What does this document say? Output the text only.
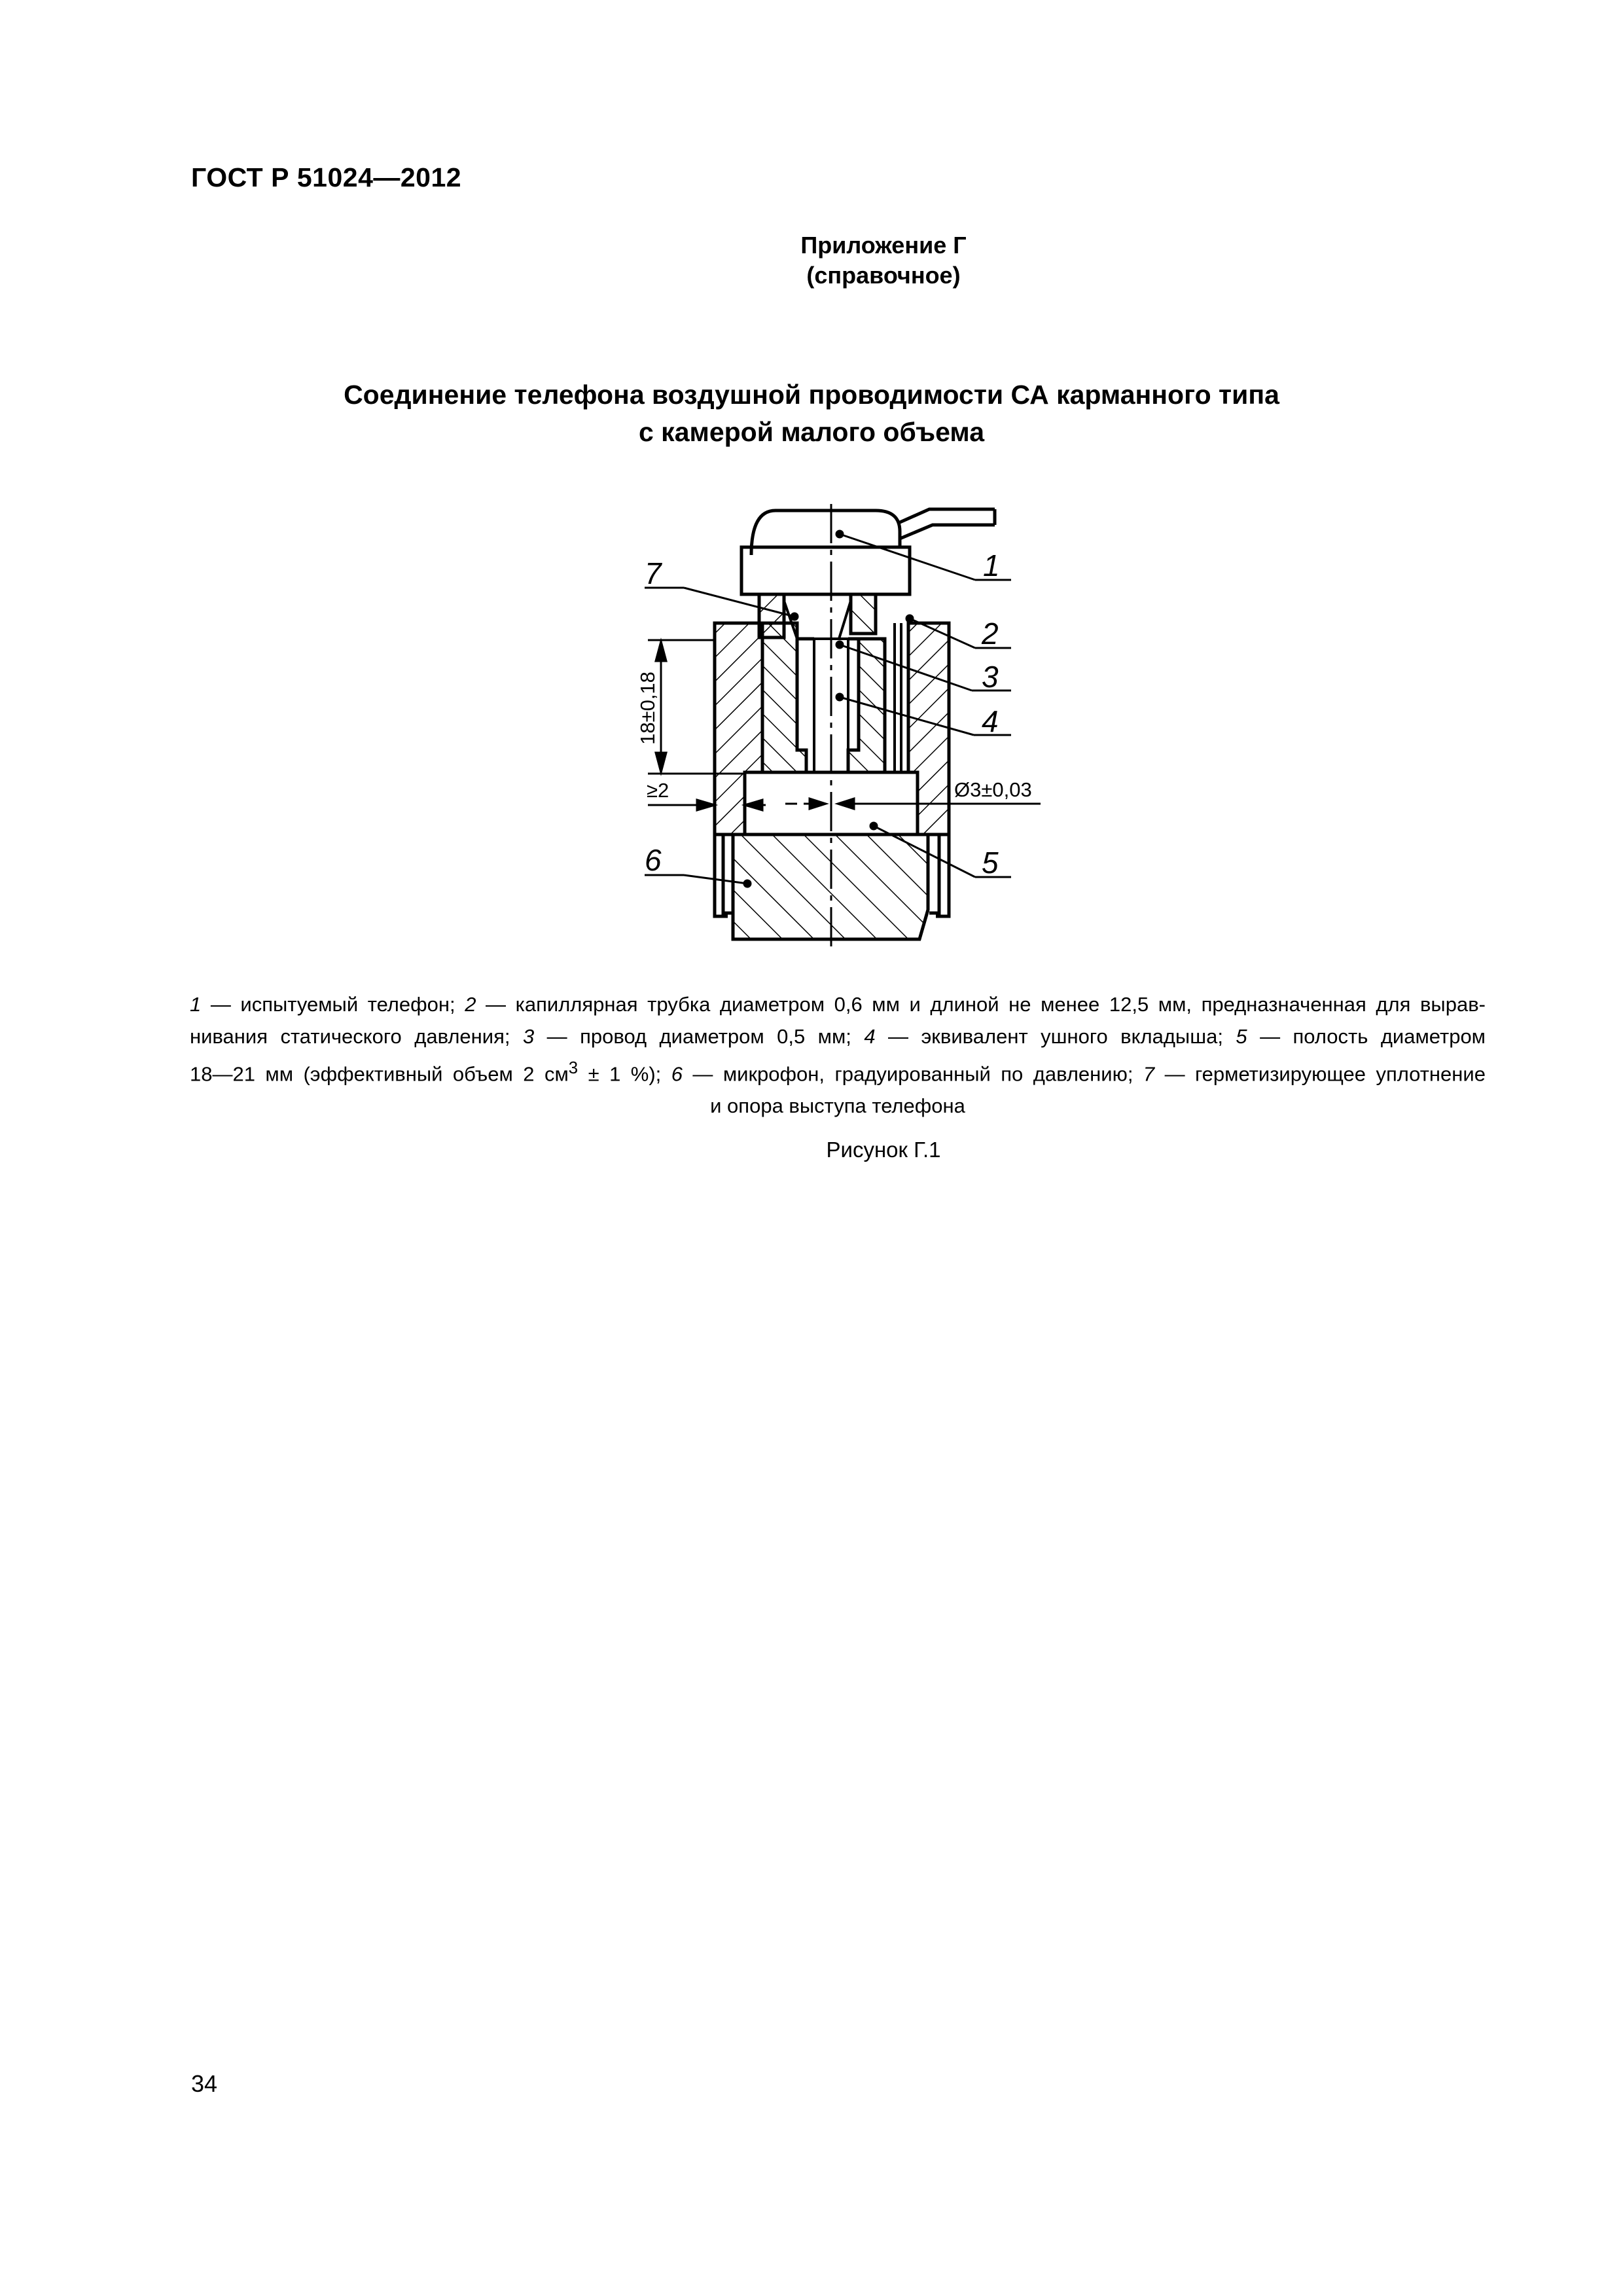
ГОСТ Р 51024—2012
Приложение Г
(справочное)
Соединение телефона воздушной проводимости СА карманного типа
с камерой малого объема
18±0,18
≥2	Ø3±0,03
1
2
3
4
5
6
7
1 — испытуемый телефон; 2 — капиллярная трубка диаметром 0,6 мм и длиной не менее 12,5 мм, предназначенная для вырав-
нивания статического давления; 3 — провод диаметром 0,5 мм; 4 — эквивалент ушного вкладыша; 5 — полость диаметром
18—21 мм (эффективный объем 2 $см^3 \pm 1$ %); 6 — микрофон, градуированный по давлению; 7 — герметизирующее уплотнение
и опора выступа телефона
Рисунок Г.1
34
